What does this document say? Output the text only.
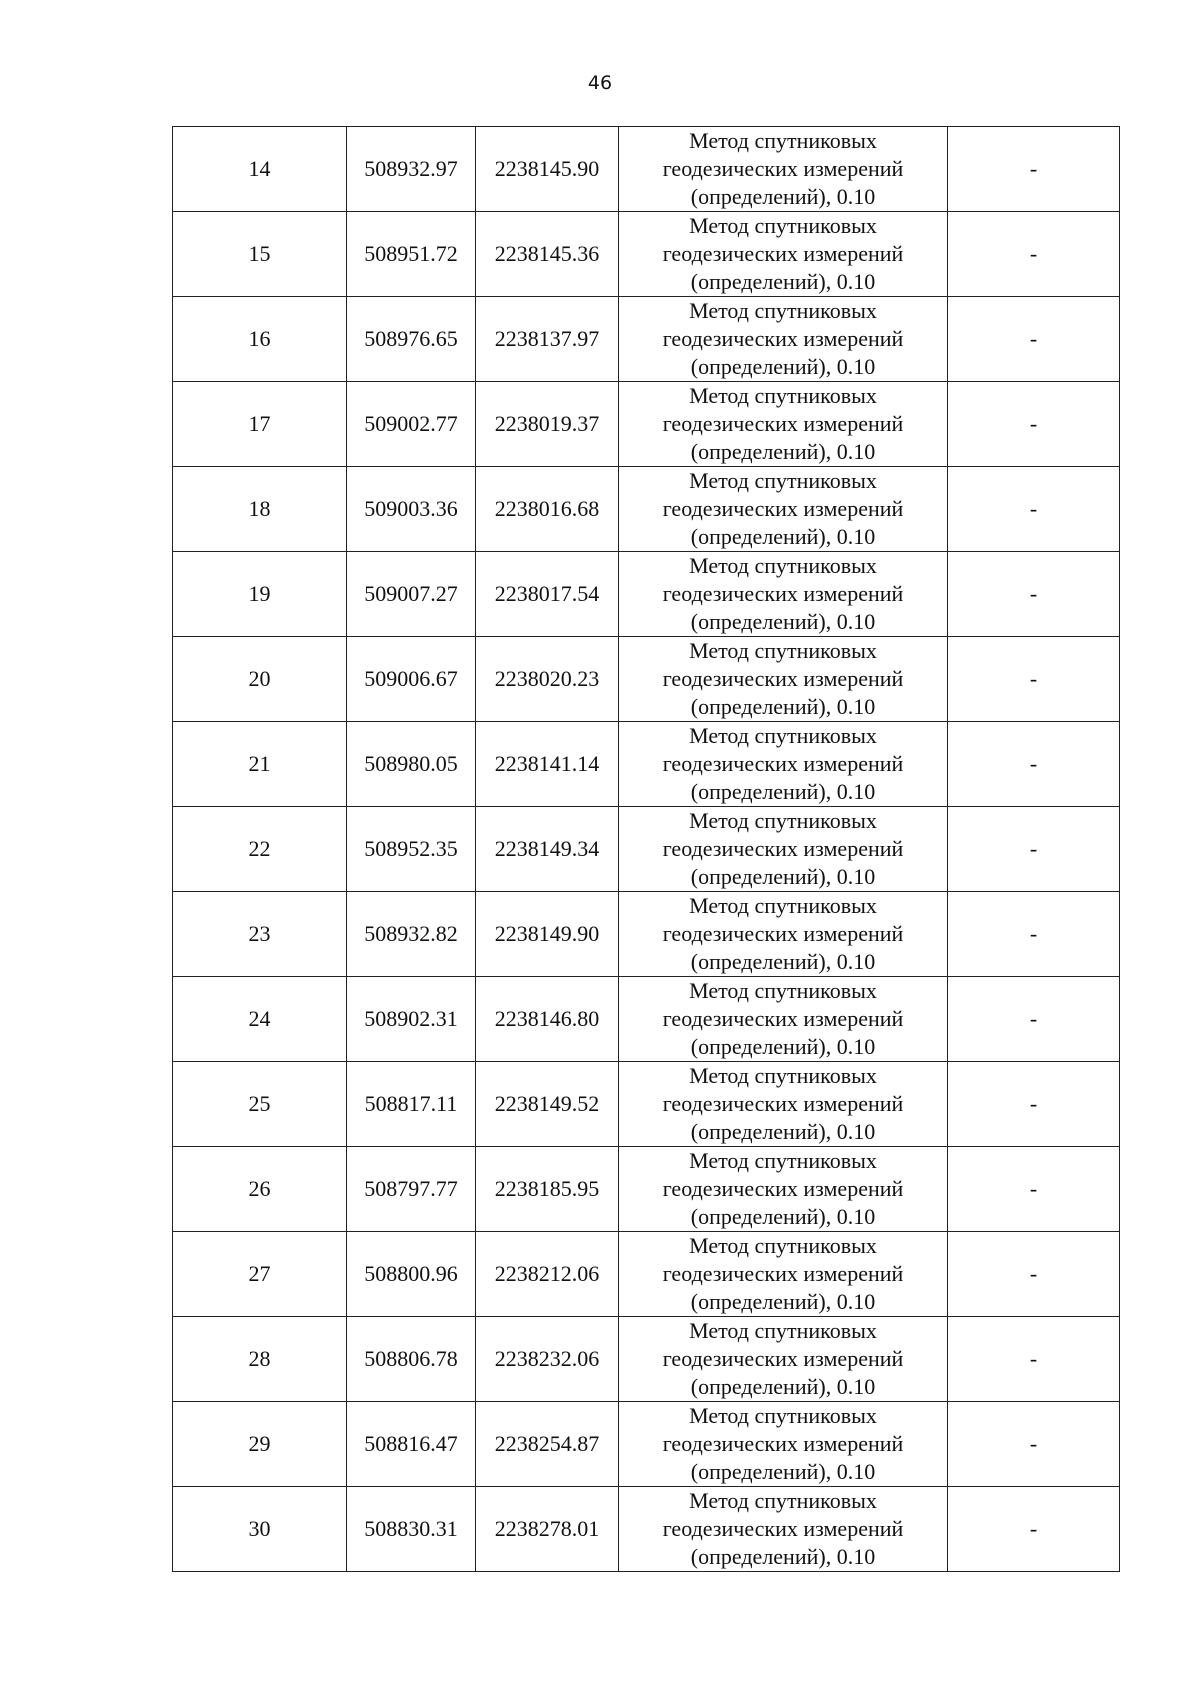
46
14	508932.97	2238145.90	Метод спутниковых
геодезических измерений
(определений), 0.10	-
15	508951.72	2238145.36	Метод спутниковых
геодезических измерений
(определений), 0.10	-
16	508976.65	2238137.97	Метод спутниковых
геодезических измерений
(определений), 0.10	-
17	509002.77	2238019.37	Метод спутниковых
геодезических измерений
(определений), 0.10	-
18	509003.36	2238016.68	Метод спутниковых
геодезических измерений
(определений), 0.10	-
19	509007.27	2238017.54	Метод спутниковых
геодезических измерений
(определений), 0.10	-
20	509006.67	2238020.23	Метод спутниковых
геодезических измерений
(определений), 0.10	-
21	508980.05	2238141.14	Метод спутниковых
геодезических измерений
(определений), 0.10	-
22	508952.35	2238149.34	Метод спутниковых
геодезических измерений
(определений), 0.10	-
23	508932.82	2238149.90	Метод спутниковых
геодезических измерений
(определений), 0.10	-
24	508902.31	2238146.80	Метод спутниковых
геодезических измерений
(определений), 0.10	-
25	508817.11	2238149.52	Метод спутниковых
геодезических измерений
(определений), 0.10	-
26	508797.77	2238185.95	Метод спутниковых
геодезических измерений
(определений), 0.10	-
27	508800.96	2238212.06	Метод спутниковых
геодезических измерений
(определений), 0.10	-
28	508806.78	2238232.06	Метод спутниковых
геодезических измерений
(определений), 0.10	-
29	508816.47	2238254.87	Метод спутниковых
геодезических измерений
(определений), 0.10	-
30	508830.31	2238278.01	Метод спутниковых
геодезических измерений
(определений), 0.10	-
